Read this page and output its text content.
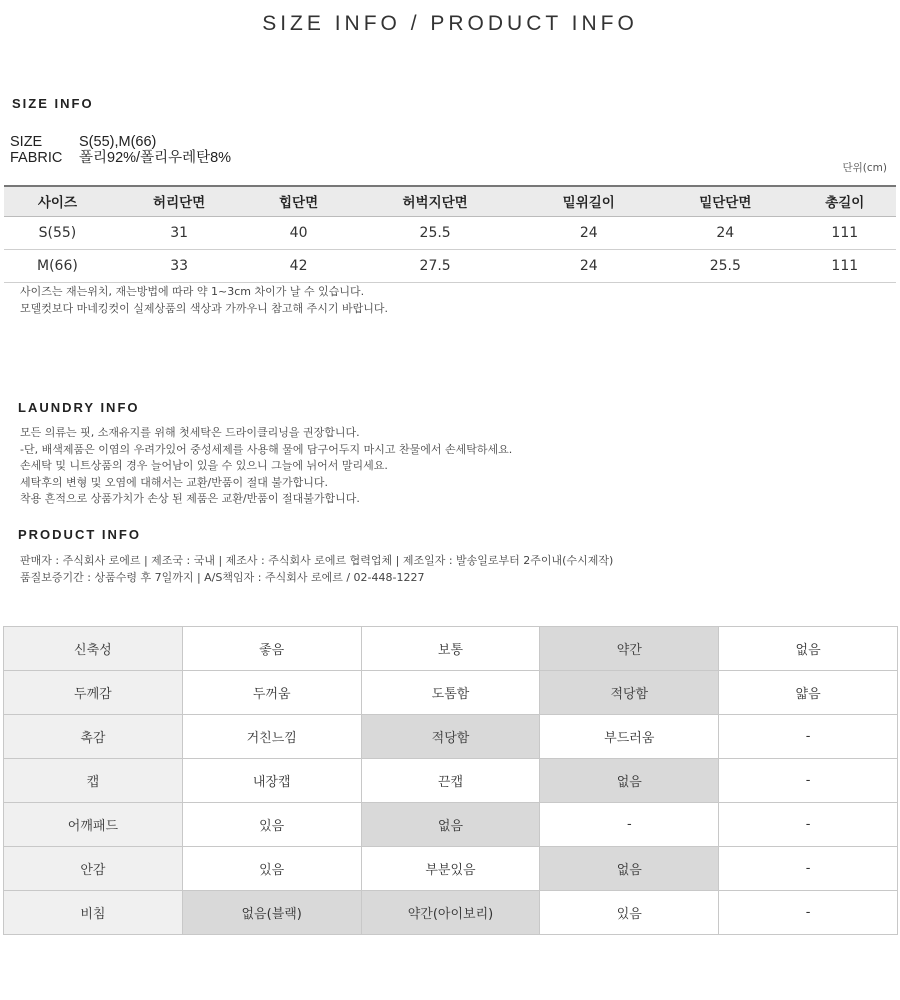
SIZE INFO / PRODUCT INFO
SIZE INFO
SIZE	S(55),M(66)
FABRIC 폴리92%/폴리우레탄8%
단위(cm)
사이즈	허리단면	힙단면	허벅지단면	밑위길이	밑단단면	총길이
S(55)	31	40	25.5	24	24	111
M(66)	33	42	27.5	24	25.5	111
사이즈는 재는위치, 재는방법에 따라 약 1~3cm 차이가 날 수 있습니다.
모델컷보다 마네킹컷이 실제상품의 색상과 가까우니 참고해 주시기 바랍니다.
LAUNDRY INFO
모든 의류는 핏, 소재유지를 위해 첫세탁은 드라이클리닝을 권장합니다.
-단, 배색제품은 이염의 우려가있어 중성세제를 사용해 물에 담구어두지 마시고 찬물에서 손세탁하세요.
손세탁 및 니트상품의 경우 늘어남이 있을 수 있으니 그늘에 뉘어서 말리세요.
세탁후의 변형 및 오염에 대해서는 교환/반품이 절대 불가합니다.
착용 흔적으로 상품가치가 손상 된 제품은 교환/반품이 절대불가합니다.
PRODUCT INFO
판매자 : 주식회사 로에르 | 제조국 : 국내 | 제조사 : 주식회사 로에르 협력업체 | 제조일자 : 발송일로부터 2주이내(수시제작)
품질보증기간 : 상품수령 후 7일까지 | A/S책임자 : 주식회사 로에르 / 02-448-1227
신축성	좋음	보통	약간	없음
두께감	두꺼움	도톰함	적당함	얇음
촉감	거친느낌	적당함	부드러움	-
캡	내장캡	끈캡	없음	-
어깨패드	있음	없음	-	-
안감	있음	부분있음	없음	-
비침	없음(블랙)	약간(아이보리)	있음	-
